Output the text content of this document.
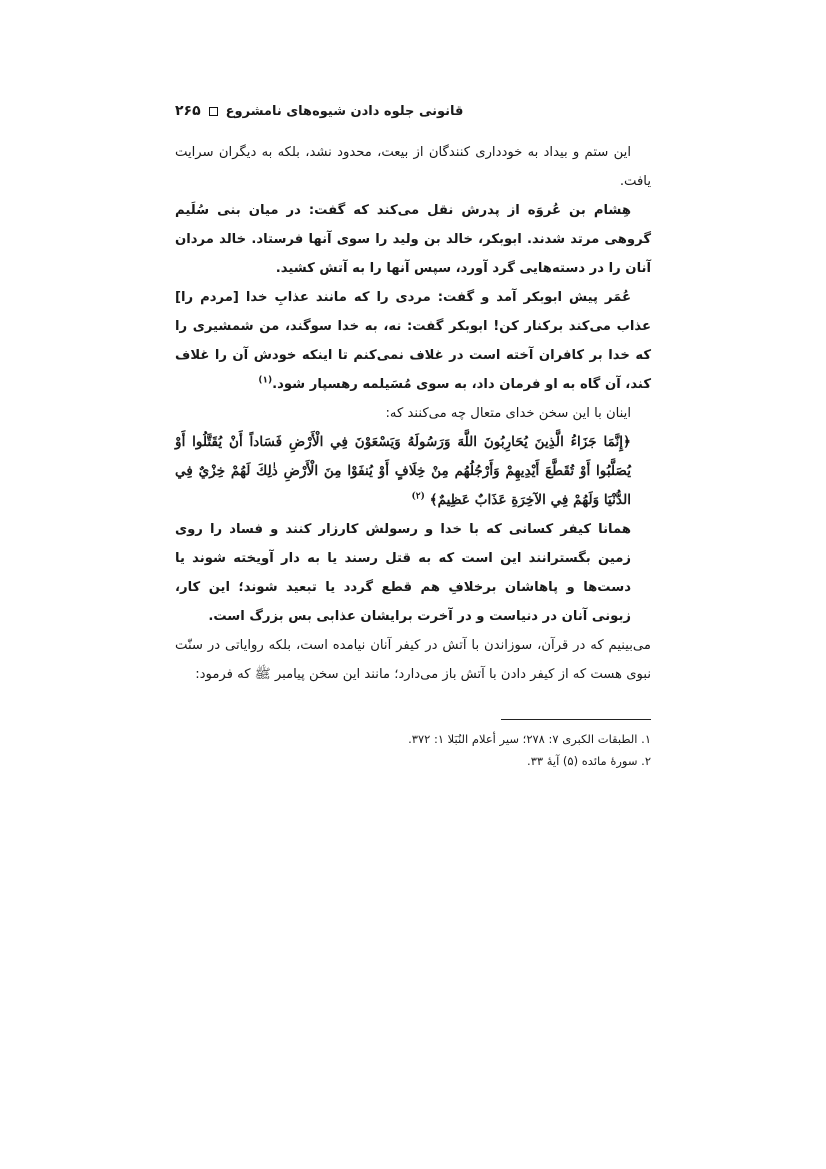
قانونی جلوه دادن شیوه‌های نامشروع
۲۶۵

این ستم و بیداد به خودداری کنندگان از بیعت، محدود نشد، بلکه به دیگران سرایت یافت.

هِشام بن عُروَه از پدرش نقل می‌کند که گفت: در میان بنی سُلَیم گروهی مرتد شدند. ابوبکر، خالد بن ولید را سوی آنها فرستاد. خالد مردان آنان را در دسته‌هایی گرد آورد، سپس آنها را به آتش کشید.

عُمَر پیش ابوبکر آمد و گفت: مردی را که مانند عذابِ خدا [مردم را] عذاب می‌کند برکنار کن! ابوبکر گفت: نه، به خدا سوگند، من شمشیری را که خدا بر کافران آخته است در غلاف نمی‌کنم تا اینکه خودش آن را غلاف کند، آن گاه به او فرمان داد، به سوی مُسَیلمه رهسپار شود.$^{(۱)}$

اینان با این سخن خدای متعال چه می‌کنند که:

﴿إِنَّمَا جَزَاءُ الَّذِينَ يُحَارِبُونَ اللَّهَ وَرَسُولَهُ وَيَسْعَوْنَ فِي الْأَرْضِ فَسَاداً أَنْ يُقَتَّلُوا أَوْ يُصَلَّبُوا أَوْ تُقَطَّعَ أَيْدِيهِمْ وَأَرْجُلُهُم مِنْ خِلَافٍ أَوْ يُنفَوْا مِنَ الْأَرْضِ ذٰلِكَ لَهُمْ خِزْيٌ فِي الدُّنْيَا وَلَهُمْ فِي الآخِرَةِ عَذَابٌ عَظِيمٌ﴾ $^{(۲)}$

همانا کیفر کسانی که با خدا و رسولش کارزار کنند و فساد را روی زمین بگسترانند این است که به قتل رسند یا به دار آویخته شوند یا دست‌ها و پاهاشان برخلافِ هم قطع گردد یا تبعید شوند؛ این کار، زبونی آنان در دنیاست و در آخرت برایشان عذابی بس بزرگ است.

می‌بینیم که در قرآن، سوزاندن با آتش در کیفر آنان نیامده است، بلکه روایاتی در سنّت نبوی هست که از کیفر دادن با آتش باز می‌دارد؛ مانند این سخن پیامبر ﷺ که فرمود:

۱. الطبقات الکبری ۷: ۲۷۸؛ سیر أعلام النُبَلا ۱: ۳۷۲.

۲. سورۀ مائده (۵) آیۀ ۳۳.
